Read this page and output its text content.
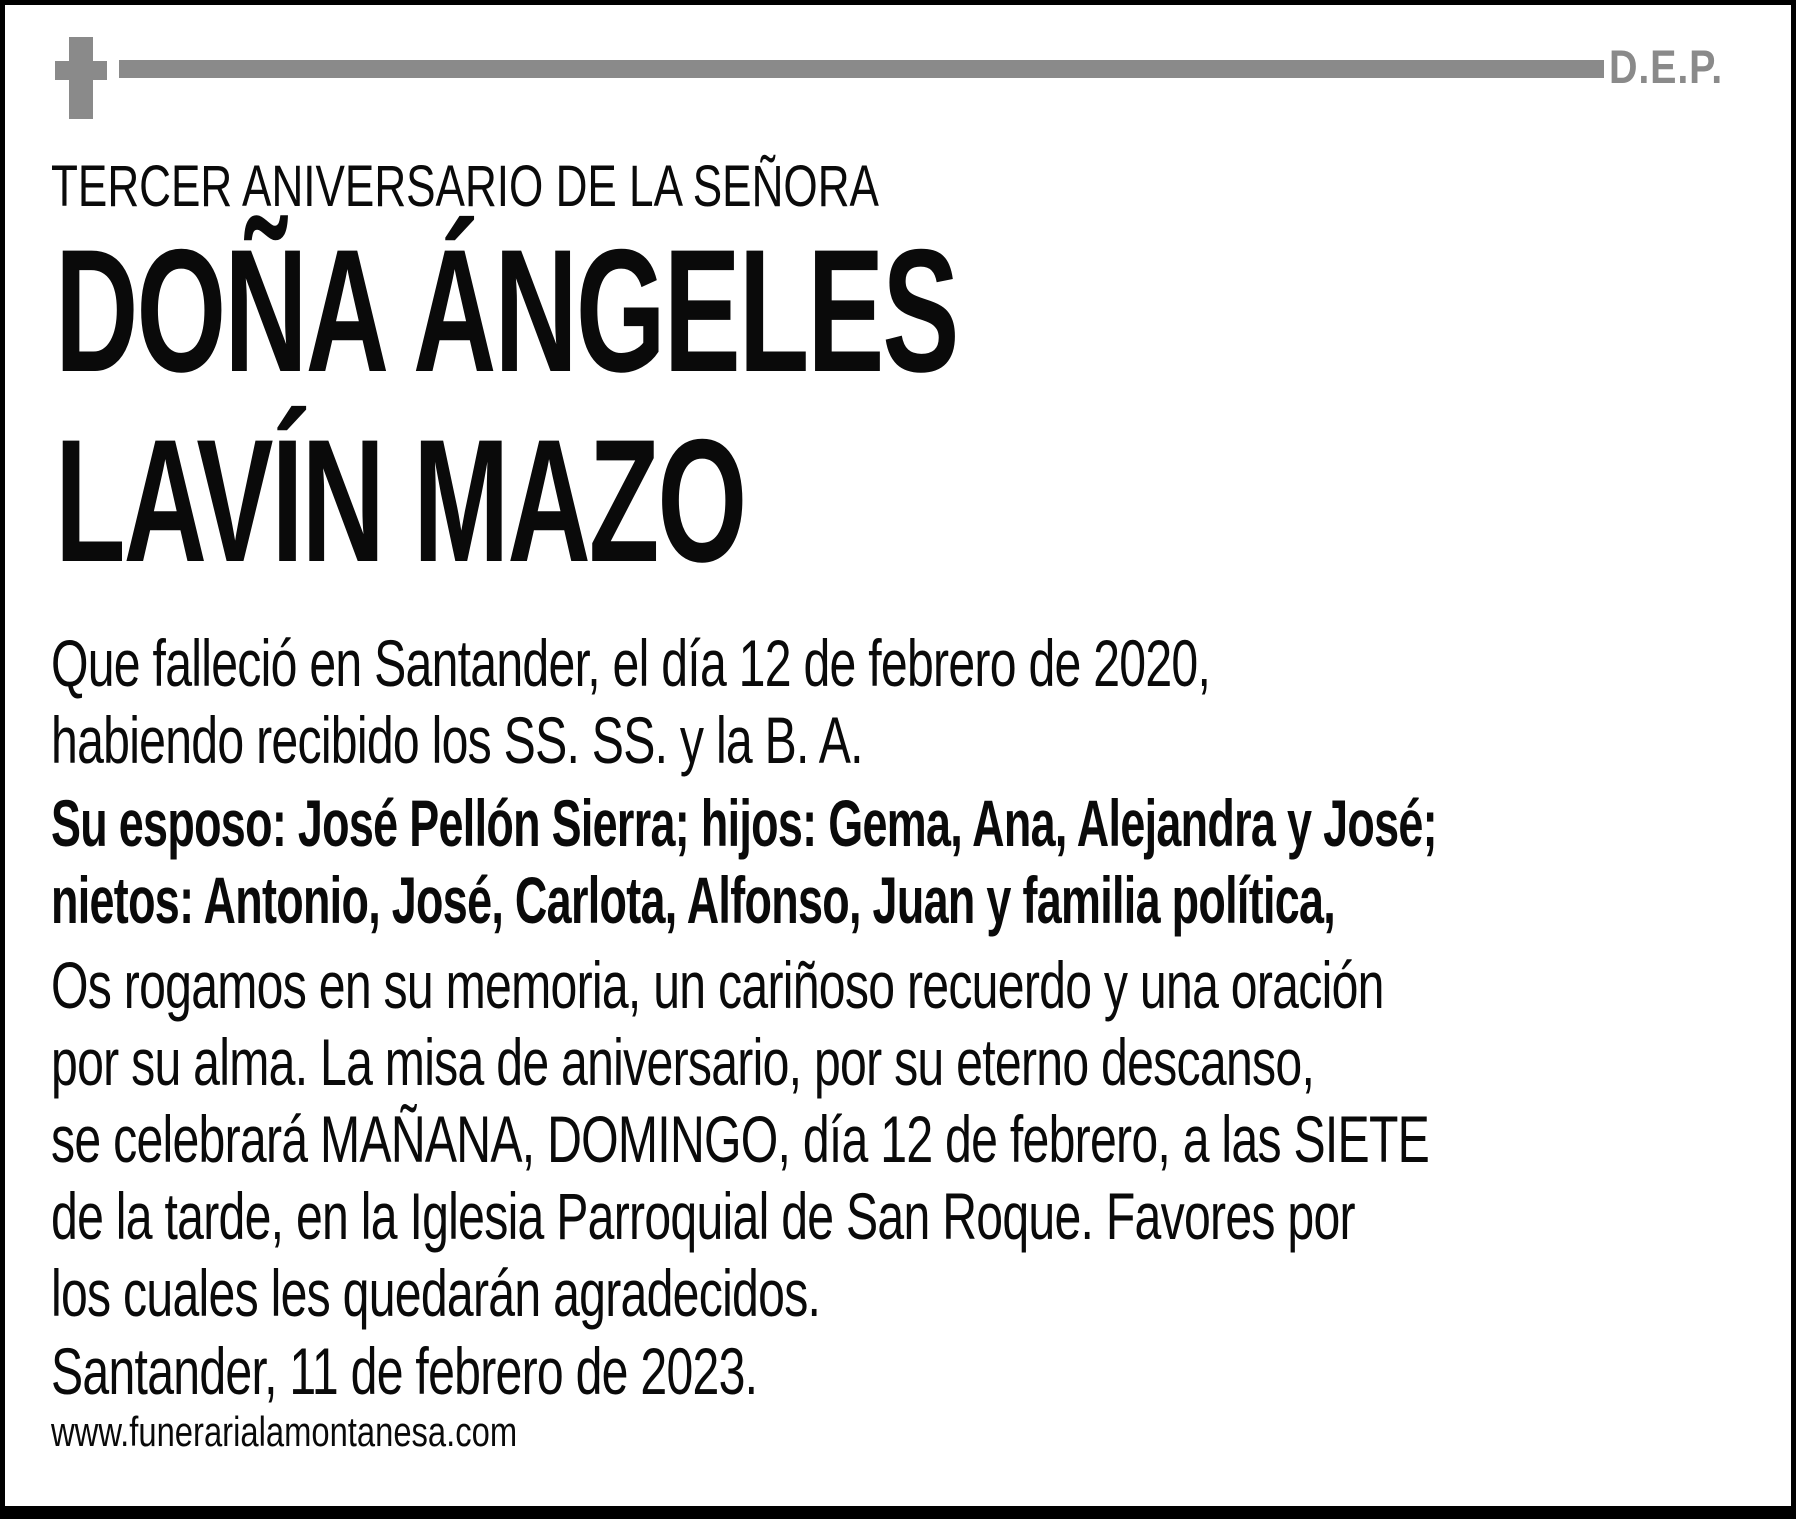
D.E.P.
TERCER ANIVERSARIO DE LA SEÑORA
DOÑA ÁNGELES
LAVÍN MAZO
Que falleció en Santander, el día 12 de febrero de 2020,
habiendo recibido los SS. SS. y la B. A.
Su esposo: José Pellón Sierra; hijos: Gema, Ana, Alejandra y José;
nietos: Antonio, José, Carlota, Alfonso, Juan y familia política,
Os rogamos en su memoria, un cariñoso recuerdo y una oración
por su alma. La misa de aniversario, por su eterno descanso,
se celebrará MAÑANA, DOMINGO, día 12 de febrero, a las SIETE
de la tarde, en la Iglesia Parroquial de San Roque. Favores por
los cuales les quedarán agradecidos.
Santander, 11 de febrero de 2023.
www.funerarialamontanesa.com
